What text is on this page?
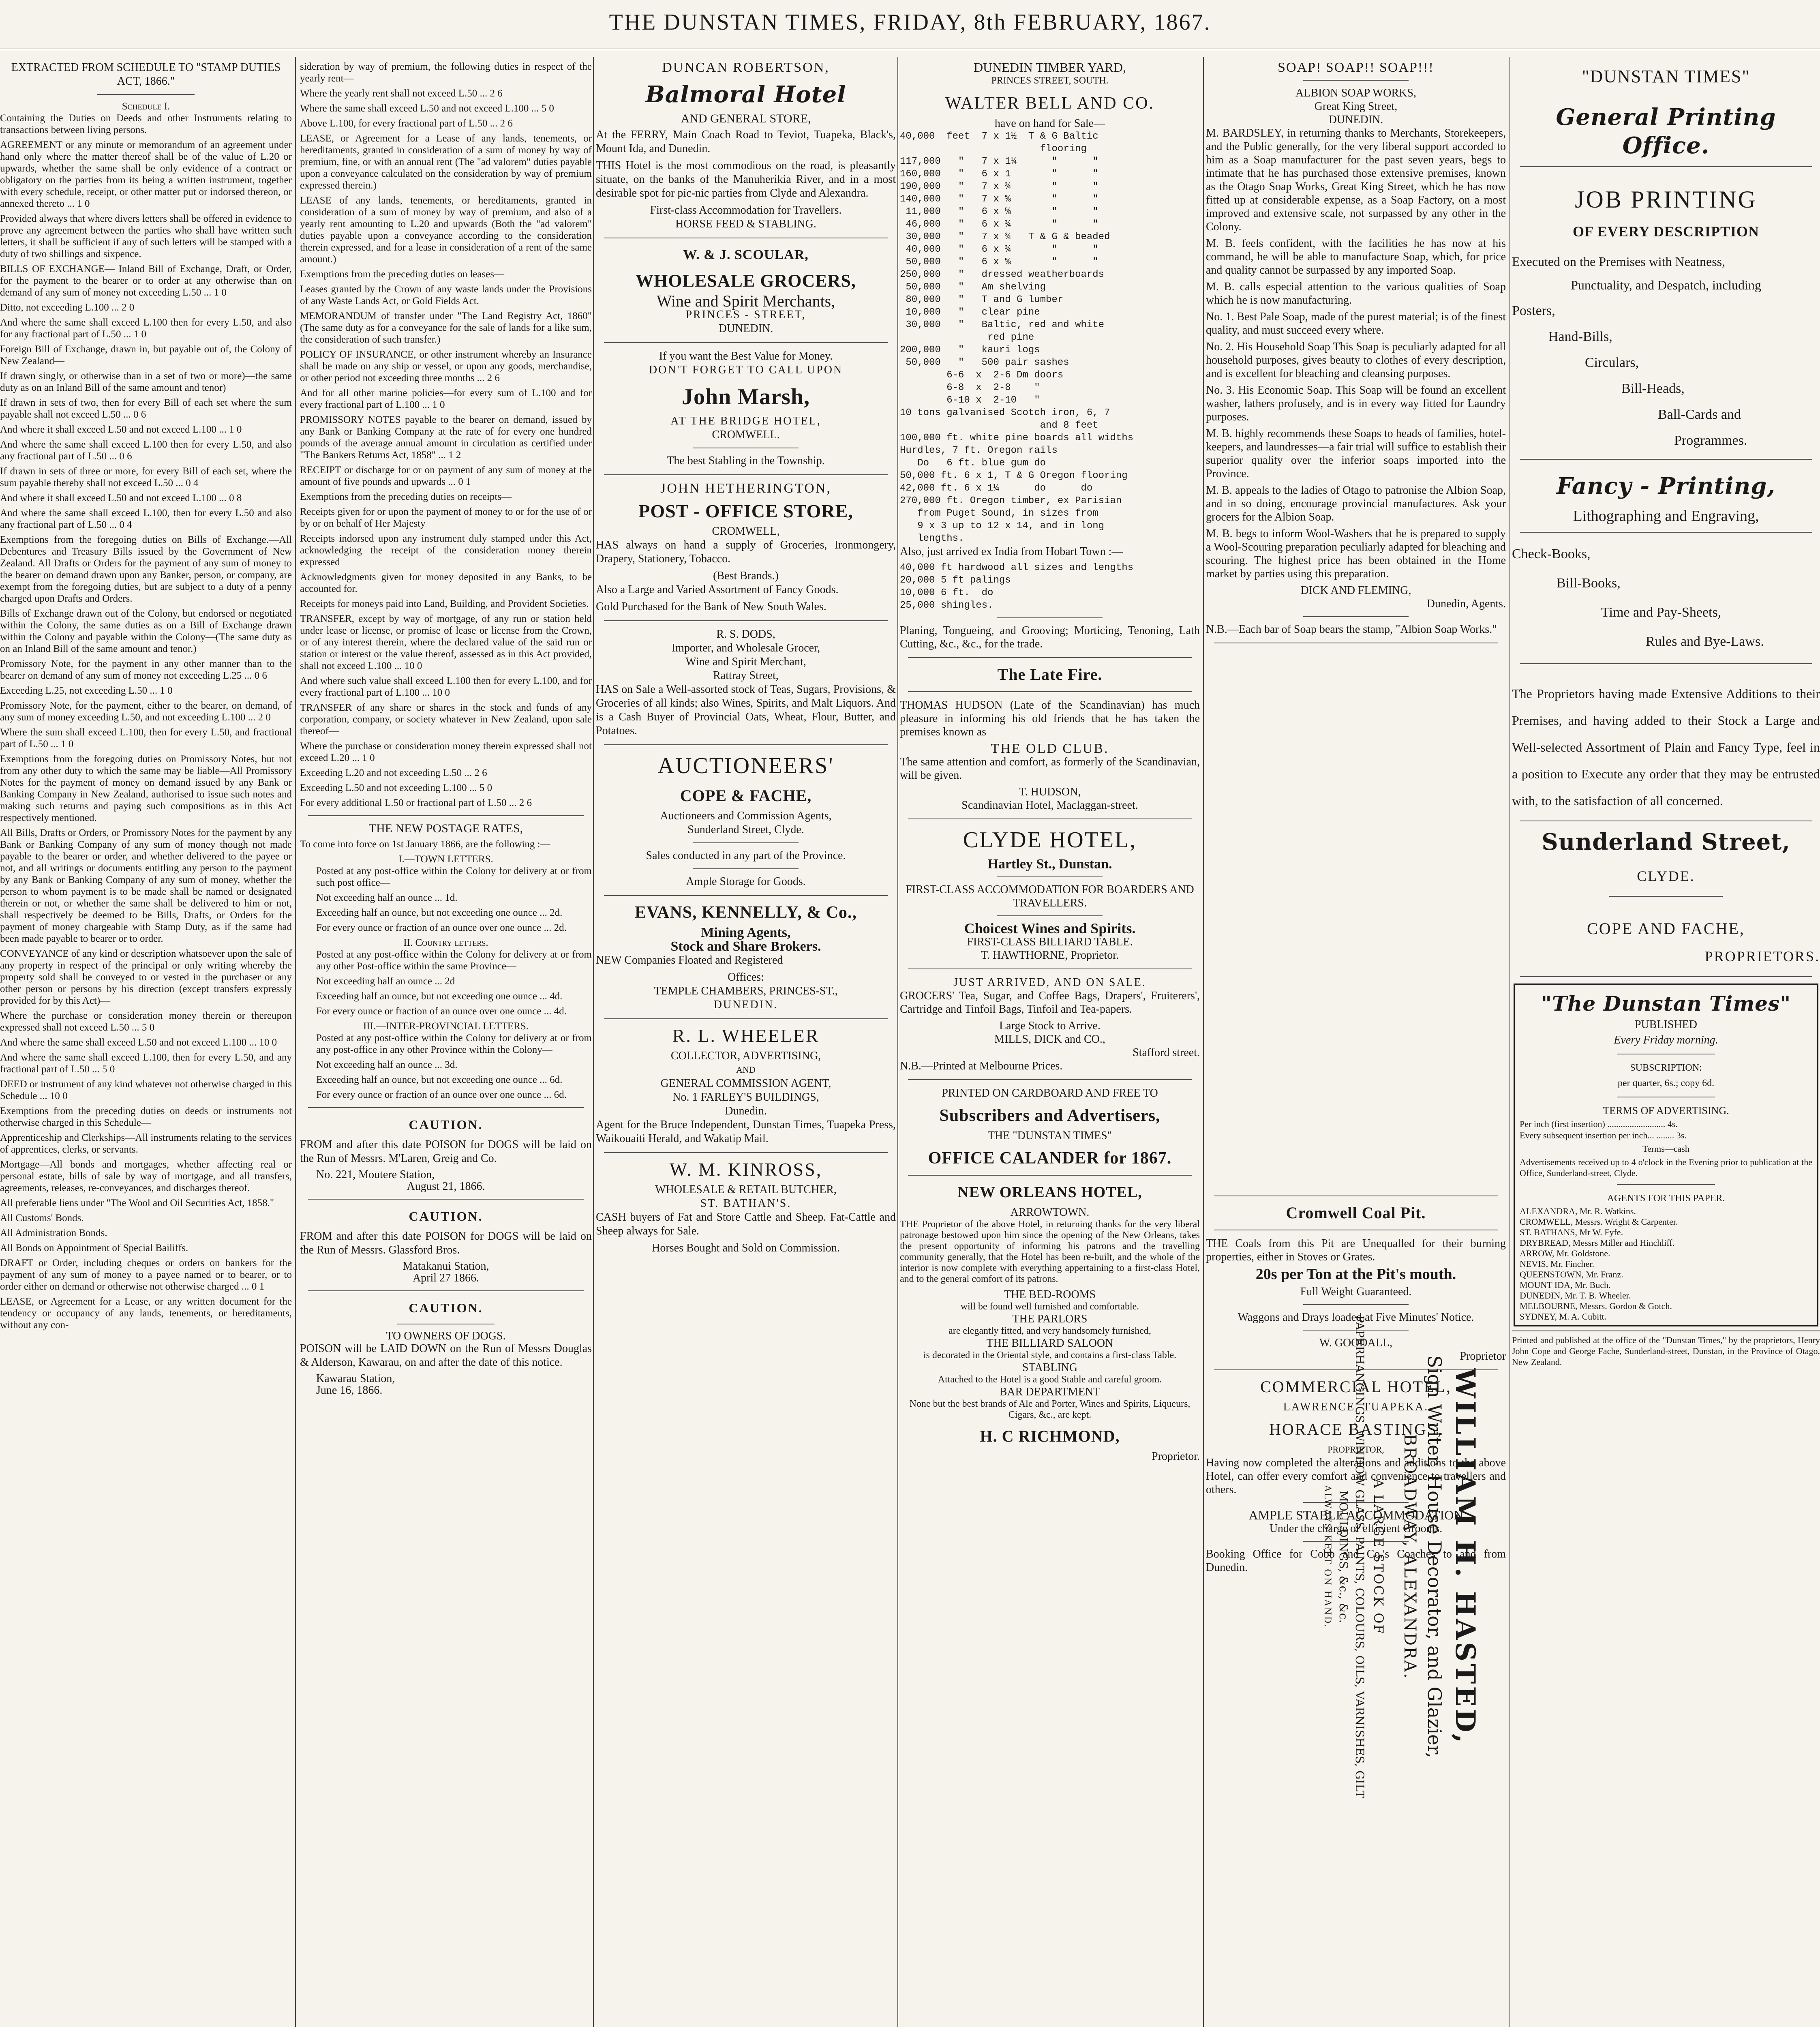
THE DUNSTAN TIMES, FRIDAY, 8th FEBRUARY, 1867.
EXTRACTED FROM SCHEDULE TO "STAMP DUTIES ACT, 1866."
Schedule I.

Containing the Duties on Deeds and other Instruments relating to transactions between living persons.

AGREEMENT or any minute or memorandum of an agreement under hand only where the matter thereof shall be of the value of L.20 or upwards, whether the same shall be only evidence of a contract or obligatory on the parties from its being a written instrument, together with every schedule, receipt, or other matter put or indorsed thereon, or annexed thereto ... 1 0

Provided always that where divers letters shall be offered in evidence to prove any agreement between the parties who shall have written such letters, it shall be sufficient if any of such letters will be stamped with a duty of two shillings and sixpence.

BILLS OF EXCHANGE— Inland Bill of Exchange, Draft, or Order, for the payment to the bearer or to order at any otherwise than on demand of any sum of money not exceeding L.50 ... 1 0

Ditto, not exceeding L.100 ... 2 0

And where the same shall exceed L.100 then for every L.50, and also for any fractional part of L.50 ... 1 0

Foreign Bill of Exchange, drawn in, but payable out of, the Colony of New Zealand—

If drawn singly, or otherwise than in a set of two or more)—the same duty as on an Inland Bill of the same amount and tenor)

If drawn in sets of two, then for every Bill of each set where the sum payable shall not exceed L.50 ... 0 6

And where it shall exceed L.50 and not exceed L.100 ... 1 0

And where the same shall exceed L.100 then for every L.50, and also any fractional part of L.50 ... 0 6

If drawn in sets of three or more, for every Bill of each set, where the sum payable thereby shall not exceed L.50 ... 0 4

And where it shall exceed L.50 and not exceed L.100 ... 0 8

And where the same shall exceed L.100, then for every L.50 and also any fractional part of L.50 ... 0 4

Exemptions from the foregoing duties on Bills of Exchange.—All Debentures and Treasury Bills issued by the Government of New Zealand. All Drafts or Orders for the payment of any sum of money to the bearer on demand drawn upon any Banker, person, or company, are exempt from the foregoing duties, but are subject to a duty of a penny charged upon Drafts and Orders.

Bills of Exchange drawn out of the Colony, but endorsed or negotiated within the Colony, the same duties as on a Bill of Exchange drawn within the Colony and payable within the Colony—(The same duty as on an Inland Bill of the same amount and tenor.)

Promissory Note, for the payment in any other manner than to the bearer on demand of any sum of money not exceeding L.25 ... 0 6

Exceeding L.25, not exceeding L.50 ... 1 0

Promissory Note, for the payment, either to the bearer, on demand, of any sum of money exceeding L.50, and not exceeding L.100 ... 2 0

Where the sum shall exceed L.100, then for every L.50, and fractional part of L.50 ... 1 0

Exemptions from the foregoing duties on Promissory Notes, but not from any other duty to which the same may be liable—All Promissory Notes for the payment of money on demand issued by any Bank or Banking Company in New Zealand, authorised to issue such notes and making such returns and paying such compositions as in this Act respectively mentioned.

All Bills, Drafts or Orders, or Promissory Notes for the payment by any Bank or Banking Company of any sum of money though not made payable to the bearer or order, and whether delivered to the payee or not, and all writings or documents entitling any person to the payment by any Bank or Banking Company of any sum of money, whether the person to whom payment is to be made shall be named or designated therein or not, or whether the same shall be delivered to him or not, shall respectively be deemed to be Bills, Drafts, or Orders for the payment of money chargeable with Stamp Duty, as if the same had been made payable to bearer or to order.

CONVEYANCE of any kind or description whatsoever upon the sale of any property in respect of the principal or only writing whereby the property sold shall be conveyed to or vested in the purchaser or any other person or persons by his direction (except transfers expressly provided for by this Act)—

Where the purchase or consideration money therein or thereupon expressed shall not exceed L.50 ... 5 0

And where the same shall exceed L.50 and not exceed L.100 ... 10 0

And where the same shall exceed L.100, then for every L.50, and any fractional part of L.50 ... 5 0

DEED or instrument of any kind whatever not otherwise charged in this Schedule ... 10 0

Exemptions from the preceding duties on deeds or instruments not otherwise charged in this Schedule—

Apprenticeship and Clerkships—All instruments relating to the services of apprentices, clerks, or servants.

Mortgage—All bonds and mortgages, whether affecting real or personal estate, bills of sale by way of mortgage, and all transfers, agreements, releases, re-conveyances, and discharges thereof.

All preferable liens under "The Wool and Oil Securities Act, 1858."

All Customs' Bonds.

All Administration Bonds.

All Bonds on Appointment of Special Bailiffs.

DRAFT or Order, including cheques or orders on bankers for the payment of any sum of money to a payee named or to bearer, or to order either on demand or otherwise not otherwise charged ... 0 1

LEASE, or Agreement for a Lease, or any written document for the tendency or occupancy of any lands, tenements, or hereditaments, without any con-

sideration by way of premium, the following duties in respect of the yearly rent—

Where the yearly rent shall not exceed L.50 ... 2 6

Where the same shall exceed L.50 and not exceed L.100 ... 5 0

Above L.100, for every fractional part of L.50 ... 2 6

LEASE, or Agreement for a Lease of any lands, tenements, or hereditaments, granted in consideration of a sum of money by way of premium, fine, or with an annual rent (The "ad valorem" duties payable upon a conveyance calculated on the consideration by way of premium expressed therein.)

LEASE of any lands, tenements, or hereditaments, granted in consideration of a sum of money by way of premium, and also of a yearly rent amounting to L.20 and upwards (Both the "ad valorem" duties payable upon a conveyance according to the consideration therein expressed, and for a lease in consideration of a rent of the same amount.)

Exemptions from the preceding duties on leases—

Leases granted by the Crown of any waste lands under the Provisions of any Waste Lands Act, or Gold Fields Act.

MEMORANDUM of transfer under "The Land Registry Act, 1860" (The same duty as for a conveyance for the sale of lands for a like sum, the consideration of such transfer.)

POLICY OF INSURANCE, or other instrument whereby an Insurance shall be made on any ship or vessel, or upon any goods, merchandise, or other period not exceeding three months ... 2 6

And for all other marine policies—for every sum of L.100 and for every fractional part of L.100 ... 1 0

PROMISSORY NOTES payable to the bearer on demand, issued by any Bank or Banking Company at the rate of for every one hundred pounds of the average annual amount in circulation as certified under "The Bankers Returns Act, 1858" ... 1 2

RECEIPT or discharge for or on payment of any sum of money at the amount of five pounds and upwards ... 0 1

Exemptions from the preceding duties on receipts—

Receipts given for or upon the payment of money to or for the use of or by or on behalf of Her Majesty

Receipts indorsed upon any instrument duly stamped under this Act, acknowledging the receipt of the consideration money therein expressed

Acknowledgments given for money deposited in any Banks, to be accounted for.

Receipts for moneys paid into Land, Building, and Provident Societies.

TRANSFER, except by way of mortgage, of any run or station held under lease or license, or promise of lease or license from the Crown, or of any interest therein, where the declared value of the said run or station or interest or the value thereof, assessed as in this Act provided, shall not exceed L.100 ... 10 0

And where such value shall exceed L.100 then for every L.100, and for every fractional part of L.100 ... 10 0

TRANSFER of any share or shares in the stock and funds of any corporation, company, or society whatever in New Zealand, upon sale thereof—

Where the purchase or consideration money therein expressed shall not exceed L.20 ... 1 0

Exceeding L.20 and not exceeding L.50 ... 2 6

Exceeding L.50 and not exceeding L.100 ... 5 0

For every additional L.50 or fractional part of L.50 ... 2 6

THE NEW POSTAGE RATES,

To come into force on 1st January 1866, are the following :—

I.—TOWN LETTERS.

Posted at any post-office within the Colony for delivery at or from such post office—

Not exceeding half an ounce ... 1d.

Exceeding half an ounce, but not exceeding one ounce ... 2d.

For every ounce or fraction of an ounce over one ounce ... 2d.

II. Country letters.

Posted at any post-office within the Colony for delivery at or from any other Post-office within the same Province—

Not exceeding half an ounce ... 2d

Exceeding half an ounce, but not exceeding one ounce ... 4d.

For every ounce or fraction of an ounce over one ounce ... 4d.

III.—INTER-PROVINCIAL LETTERS.

Posted at any post-office within the Colony for delivery at or from any post-office in any other Province within the Colony—

Not exceeding half an ounce ... 3d.

Exceeding half an ounce, but not exceeding one ounce ... 6d.

For every ounce or fraction of an ounce over one ounce ... 6d.

CAUTION.

FROM and after this date POISON for DOGS will be laid on the Run of Messrs. M'Laren, Greig and Co.

No. 221, Moutere Station,
August 21, 1866.
CAUTION.

FROM and after this date POISON for DOGS will be laid on the Run of Messrs. Glassford Bros.

Matakanui Station,
April 27 1866.
CAUTION.
TO OWNERS OF DOGS.

POISON will be LAID DOWN on the Run of Messrs Douglas & Alderson, Kawarau, on and after the date of this notice.

Kawarau Station,
June 16, 1866.
DUNCAN ROBERTSON,
Balmoral Hotel
AND GENERAL STORE,

At the FERRY, Main Coach Road to Teviot, Tuapeka, Black's, Mount Ida, and Dunedin.

THIS Hotel is the most commodious on the road, is pleasantly situate, on the banks of the Manuherikia River, and in a most desirable spot for pic-nic parties from Clyde and Alexandra.

First-class Accommodation for Travellers.
HORSE FEED & STABLING.
W. & J. SCOULAR,
WHOLESALE GROCERS,
Wine and Spirit Merchants,
PRINCES - STREET,
DUNEDIN.
If you want the Best Value for Money.
DON'T FORGET TO CALL UPON
John Marsh,
AT THE BRIDGE HOTEL,
CROMWELL.
The best Stabling in the Township.
JOHN HETHERINGTON,
POST - OFFICE STORE,
CROMWELL,

HAS always on hand a supply of Groceries, Ironmongery, Drapery, Stationery, Tobacco.

(Best Brands.)

Also a Large and Varied Assortment of Fancy Goods.

Gold Purchased for the Bank of New South Wales.

R. S. DODS,
Importer, and Wholesale Grocer,
Wine and Spirit Merchant,
Rattray Street,

HAS on Sale a Well-assorted stock of Teas, Sugars, Provisions, & Groceries of all kinds; also Wines, Spirits, and Malt Liquors. And is a Cash Buyer of Provincial Oats, Wheat, Flour, Butter, and Potatoes.

AUCTIONEERS'
COPE & FACHE,
Auctioneers and Commission Agents,
Sunderland Street, Clyde.
Sales conducted in any part of the Province.
Ample Storage for Goods.
EVANS, KENNELLY, & Co.,
Mining Agents,
Stock and Share Brokers.

NEW Companies Floated and Registered

Offices:
TEMPLE CHAMBERS, PRINCES-ST.,
DUNEDIN.
R. L. WHEELER
COLLECTOR, ADVERTISING,
AND
GENERAL COMMISSION AGENT,
No. 1 FARLEY'S BUILDINGS,
Dunedin.

Agent for the Bruce Independent, Dunstan Times, Tuapeka Press, Waikouaiti Herald, and Wakatip Mail.

W. M. KINROSS,
WHOLESALE & RETAIL BUTCHER,
ST. BATHAN'S.

CASH buyers of Fat and Store Cattle and Sheep. Fat-Cattle and Sheep always for Sale.

Horses Bought and Sold on Commission.
DUNEDIN TIMBER YARD,
PRINCES STREET, SOUTH.
WALTER BELL AND CO.
have on hand for Sale—
40,000  feet  7 x 1½  T & G Baltic
flooring
117,000   "   7 x 1¼      "      "
160,000   "   6 x 1       "      "
190,000   "   7 x ¾       "      "
140,000   "   7 x ⅝       "      "
11,000   "   6 x ⅝       "      "
46,000   "   6 x ¾       "      "
30,000   "   7 x ¾   T & G & beaded
40,000   "   6 x ¾       "      "
50,000   "   6 x ⅝       "      "
250,000   "   dressed weatherboards
50,000   "   Am shelving
80,000   "   T and G lumber
10,000   "   clear pine
30,000   "   Baltic, red and white
red pine
200,000   "   kauri logs
50,000   "   500 pair sashes
6-6  x  2-6 Dm doors
6-8  x  2-8    "
6-10 x  2-10   "
10 tons galvanised Scotch iron, 6, 7
and 8 feet
100,000 ft. white pine boards all widths
Hurdles, 7 ft. Oregon rails
Do   6 ft. blue gum do
50,000 ft. 6 x 1, T & G Oregon flooring
42,000 ft. 6 x 1¼      do      do
270,000 ft. Oregon timber, ex Parisian
from Puget Sound, in sizes from
9 x 3 up to 12 x 14, and in long
lengths.

Also, just arrived ex India from Hobart Town :—

40,000 ft hardwood all sizes and lengths
20,000 5 ft palings
10,000 6 ft.  do
25,000 shingles.

Planing, Tongueing, and Grooving; Morticing, Tenoning, Lath Cutting, &c., &c., for the trade.

The Late Fire.

THOMAS HUDSON (Late of the Scandinavian) has much pleasure in informing his old friends that he has taken the premises known as

THE OLD CLUB.

The same attention and comfort, as formerly of the Scandinavian, will be given.

T. HUDSON,
Scandinavian Hotel, Maclaggan-street.
CLYDE HOTEL,
Hartley St., Dunstan.
FIRST-CLASS ACCOMMODATION FOR BOARDERS AND TRAVELLERS.
Choicest Wines and Spirits.
FIRST-CLASS BILLIARD TABLE.
T. HAWTHORNE, Proprietor.
JUST ARRIVED, AND ON SALE.

GROCERS' Tea, Sugar, and Coffee Bags, Drapers', Fruiterers', Cartridge and Tinfoil Bags, Tinfoil and Tea-papers.

Large Stock to Arrive.
MILLS, DICK and CO.,
Stafford street.
N.B.—Printed at Melbourne Prices.
PRINTED ON CARDBOARD AND FREE TO
Subscribers and Advertisers,
THE "DUNSTAN TIMES"
OFFICE CALANDER for 1867.
NEW ORLEANS HOTEL,
ARROWTOWN.

THE Proprietor of the above Hotel, in returning thanks for the very liberal patronage bestowed upon him since the opening of the New Orleans, takes the present opportunity of informing his patrons and the travelling community generally, that the Hotel has been re-built, and the whole of the interior is now complete with everything appertaining to a first-class Hotel, and to the general comfort of its patrons.

THE BED-ROOMS
will be found well furnished and comfortable.
THE PARLORS
are elegantly fitted, and very handsomely furnished,
THE BILLIARD SALOON
is decorated in the Oriental style, and contains a first-class Table.
STABLING
Attached to the Hotel is a good Stable and careful groom.
BAR DEPARTMENT
None but the best brands of Ale and Porter, Wines and Spirits, Liqueurs, Cigars, &c., are kept.
H. C RICHMOND,
Proprietor.
SOAP! SOAP!! SOAP!!!
ALBION SOAP WORKS,
Great King Street,
DUNEDIN.

M. BARDSLEY, in returning thanks to Merchants, Storekeepers, and the Public generally, for the very liberal support accorded to him as a Soap manufacturer for the past seven years, begs to intimate that he has purchased those extensive premises, known as the Otago Soap Works, Great King Street, which he has now fitted up at considerable expense, as a Soap Factory, on a most improved and extensive scale, not surpassed by any other in the Colony.

M. B. feels confident, with the facilities he has now at his command, he will be able to manufacture Soap, which, for price and quality cannot be surpassed by any imported Soap.

M. B. calls especial attention to the various qualities of Soap which he is now manufacturing.

No. 1. Best Pale Soap, made of the purest material; is of the finest quality, and must succeed every where.

No. 2. His Household Soap This Soap is peculiarly adapted for all household purposes, gives beauty to clothes of every description, and is excellent for bleaching and cleansing purposes.

No. 3. His Economic Soap. This Soap will be found an excellent washer, lathers profusely, and is in every way fitted for Laundry purposes.

M. B. highly recommends these Soaps to heads of families, hotel-keepers, and laundresses—a fair trial will suffice to establish their superior quality over the inferior soaps imported into the Province.

M. B. appeals to the ladies of Otago to patronise the Albion Soap, and in so doing, encourage provincial manufactures. Ask your grocers for the Albion Soap.

M. B. begs to inform Wool-Washers that he is prepared to supply a Wool-Scouring preparation peculiarly adapted for bleaching and scouring. The highest price has been obtained in the Home market by parties using this preparation.

DICK AND FLEMING,
Dunedin, Agents.

N.B.—Each bar of Soap bears the stamp, "Albion Soap Works."

Cromwell Coal Pit.

THE Coals from this Pit are Unequalled for their burning properties, either in Stoves or Grates.

20s per Ton at the Pit's mouth.
Full Weight Guaranteed.
Waggons and Drays loaded at Five Minutes' Notice.
W. GOODALL,
Proprietor
COMMERCIAL HOTEL,
LAWRENCE, TUAPEKA.
HORACE BASTINGS,
PROPRIETOR,

Having now completed the alterations and additions to the above Hotel, can offer every comfort and convenience to travellers and others.

AMPLE STABLE ACCOMMODATION
Under the charge of efficient Grooms.

Booking Office for Cobb and Co.'s Coaches to and from Dunedin.	WILLIAM H. HASTED,
Sign Writer, House Decorator, and Glazier,
BROADWAY, ALEXANDRA.
A LARGE STOCK OF
PAPERHANGINGS, WINDOW GLASS, PAINTS, COLOURS, OILS, VARNISHES, GILT MOULDINGS, &c., &c.
ALWAYS KEPT ON HAND.
"DUNSTAN TIMES"
General Printing Office.
JOB PRINTING
OF EVERY DESCRIPTION
Executed on the Premises with Neatness,
Punctuality, and Despatch, including
Posters,
Hand-Bills,
Circulars,
Bill-Heads,
Ball-Cards and
Programmes.
Fancy - Printing,
Lithographing and Engraving,
Check-Books,
Bill-Books,
Time and Pay-Sheets,
Rules and Bye-Laws.

The Proprietors having made Extensive Additions to their Premises, and having added to their Stock a Large and Well-selected Assortment of Plain and Fancy Type, feel in a position to Execute any order that they may be entrusted with, to the satisfaction of all concerned.

Sunderland Street,
CLYDE.
COPE AND FACHE,
PROPRIETORS.
"The Dunstan Times"
PUBLISHED
Every Friday morning.
SUBSCRIPTION:
per quarter, 6s.; copy 6d.
TERMS OF ADVERTISING.
Per inch (first insertion) .......................... 4s.
Every subsequent insertion per inch... ........ 3s.
Terms—cash

Advertisements received up to 4 o'clock in the Evening prior to publication at the Office, Sunderland-street, Clyde.

AGENTS FOR THIS PAPER.
ALEXANDRA, Mr. R. Watkins.
CROMWELL, Messrs. Wright & Carpenter.
ST. BATHANS, Mr W. Fyfe.
DRYBREAD, Messrs Miller and Hinchliff.
ARROW, Mr. Goldstone.
NEVIS, Mr. Fincher.
QUEENSTOWN, Mr. Franz.
MOUNT IDA, Mr. Buch.
DUNEDIN, Mr. T. B. Wheeler.
MELBOURNE, Messrs. Gordon & Gotch.
SYDNEY, M. A. Cubitt.

Printed and published at the office of the "Dunstan Times," by the proprietors, Henry John Cope and George Fache, Sunderland-street, Dunstan, in the Province of Otago, New Zealand.
